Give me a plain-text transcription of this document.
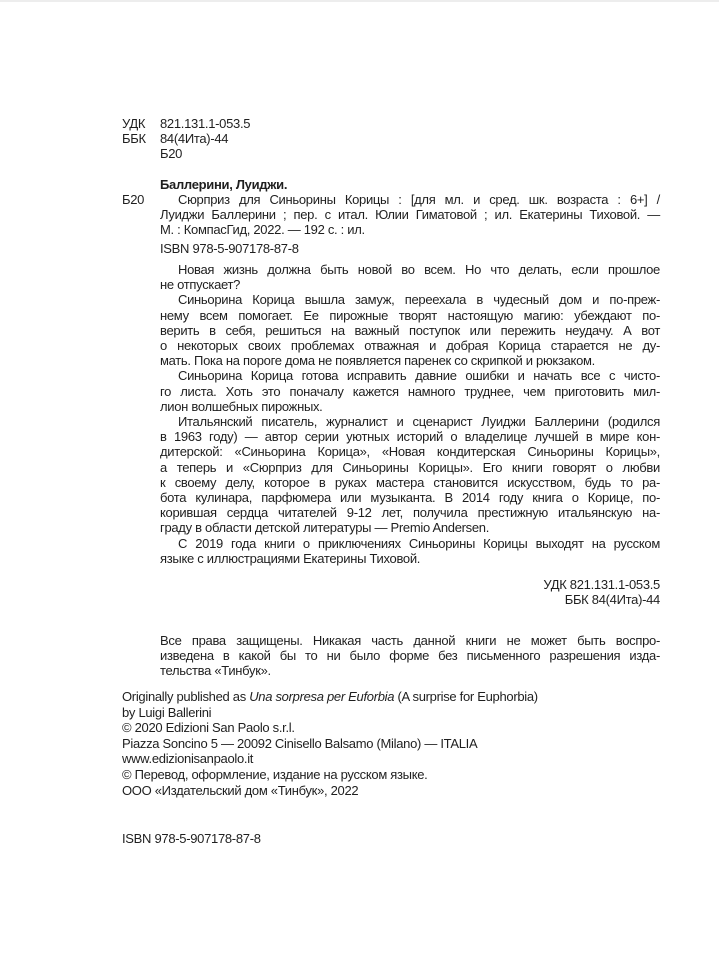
УДК 821.131.1-053.5
ББК 84(4Ита)-44
Б20
Баллерини, Луиджи.
Б20	Сюрприз для Синьорины Корицы : [для мл. и сред. шк. возраста : 6+] /
Луиджи Баллерини ; пер. с итал. Юлии Гиматовой ; ил. Екатерины Тиховой. —
М. : КомпасГид, 2022. — 192 с. : ил.
ISBN 978-5-907178-87-8
Новая жизнь должна быть новой во всем. Но что делать, если прошлое
не отпускает?
Синьорина Корица вышла замуж, переехала в чудесный дом и по-преж-
нему всем помогает. Ее пирожные творят настоящую магию: убеждают по-
верить в себя, решиться на важный поступок или пережить неудачу. А вот
о некоторых своих проблемах отважная и добрая Корица старается не ду-
мать. Пока на пороге дома не появляется паренек со скрипкой и рюкзаком.
Синьорина Корица готова исправить давние ошибки и начать все с чисто-
го листа. Хоть это поначалу кажется намного труднее, чем приготовить мил-
лион волшебных пирожных.
Итальянский писатель, журналист и сценарист Луиджи Баллерини (родился
в 1963 году) — автор серии уютных историй о владелице лучшей в мире кон-
дитерской: «Синьорина Корица», «Новая кондитерская Синьорины Корицы»,
а теперь и «Сюрприз для Синьорины Корицы». Его книги говорят о любви
к своему делу, которое в руках мастера становится искусством, будь то ра-
бота кулинара, парфюмера или музыканта. В 2014 году книга о Корице, по-
корившая сердца читателей 9-12 лет, получила престижную итальянскую на-
граду в области детской литературы — Premio Andersen.
С 2019 года книги о приключениях Синьорины Корицы выходят на русском
языке с иллюстрациями Екатерины Тиховой.
УДК 821.131.1-053.5
ББК 84(4Ита)-44
Все права защищены. Никакая часть данной книги не может быть воспро-
изведена в какой бы то ни было форме без письменного разрешения изда-
тельства «Тинбук».
Originally published as Una sorpresa per Euforbia (A surprise for Euphorbia)
by Luigi Ballerini
© 2020 Edizioni San Paolo s.r.l.
Piazza Soncino 5 — 20092 Cinisello Balsamo (Milano) — ITALIA
www.edizionisanpaolo.it
© Перевод, оформление, издание на русском языке.
ООО «Издательский дом «Тинбук», 2022
ISBN 978-5-907178-87-8
